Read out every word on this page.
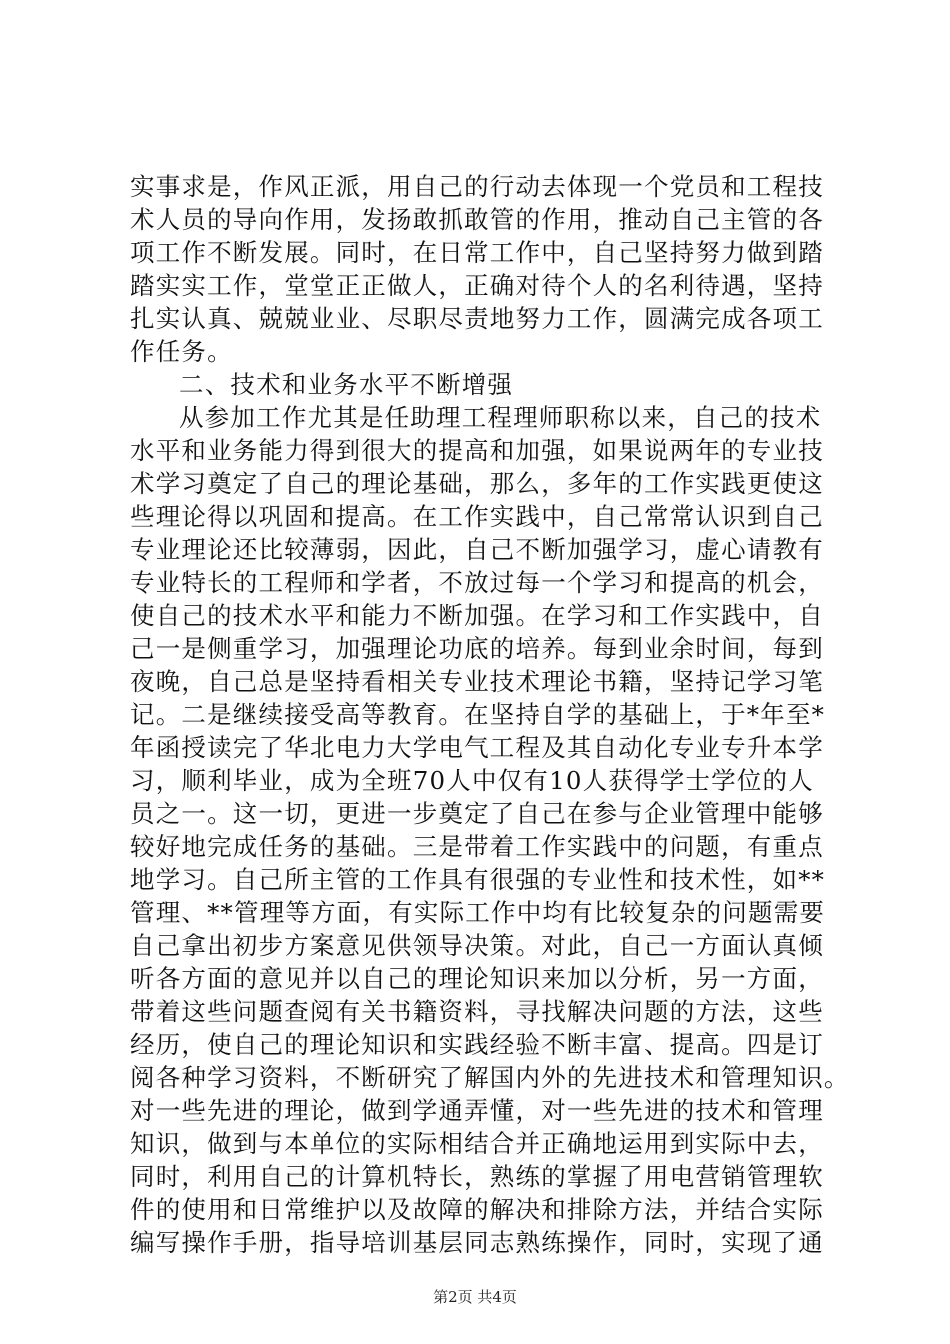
实事求是，作风正派，用自己的行动去体现一个党员和工程技
术人员的导向作用，发扬敢抓敢管的作用，推动自己主管的各
项工作不断发展。同时，在日常工作中，自己坚持努力做到踏
踏实实工作，堂堂正正做人，正确对待个人的名利待遇，坚持
扎实认真、兢兢业业、尽职尽责地努力工作，圆满完成各项工
作任务。
二、技术和业务水平不断增强
从参加工作尤其是任助理工程理师职称以来，自己的技术
水平和业务能力得到很大的提高和加强，如果说两年的专业技
术学习奠定了自己的理论基础，那么，多年的工作实践更使这
些理论得以巩固和提高。在工作实践中，自己常常认识到自己
专业理论还比较薄弱，因此，自己不断加强学习，虚心请教有
专业特长的工程师和学者，不放过每一个学习和提高的机会，
使自己的技术水平和能力不断加强。在学习和工作实践中，自
己一是侧重学习，加强理论功底的培养。每到业余时间，每到
夜晚，自己总是坚持看相关专业技术理论书籍，坚持记学习笔
记。二是继续接受高等教育。在坚持自学的基础上，于*年至*
年函授读完了华北电力大学电气工程及其自动化专业专升本学
习，顺利毕业，成为全班70人中仅有10人获得学士学位的人
员之一。这一切，更进一步奠定了自己在参与企业管理中能够
较好地完成任务的基础。三是带着工作实践中的问题，有重点
地学习。自己所主管的工作具有很强的专业性和技术性，如**
管理、**管理等方面，有实际工作中均有比较复杂的问题需要
自己拿出初步方案意见供领导决策。对此，自己一方面认真倾
听各方面的意见并以自己的理论知识来加以分析，另一方面，
带着这些问题查阅有关书籍资料，寻找解决问题的方法，这些
经历，使自己的理论知识和实践经验不断丰富、提高。四是订
阅各种学习资料，不断研究了解国内外的先进技术和管理知识。
对一些先进的理论，做到学通弄懂，对一些先进的技术和管理
知识，做到与本单位的实际相结合并正确地运用到实际中去，
同时，利用自己的计算机特长，熟练的掌握了用电营销管理软
件的使用和日常维护以及故障的解决和排除方法，并结合实际
编写操作手册，指导培训基层同志熟练操作，同时，实现了通
第2页 共4页
